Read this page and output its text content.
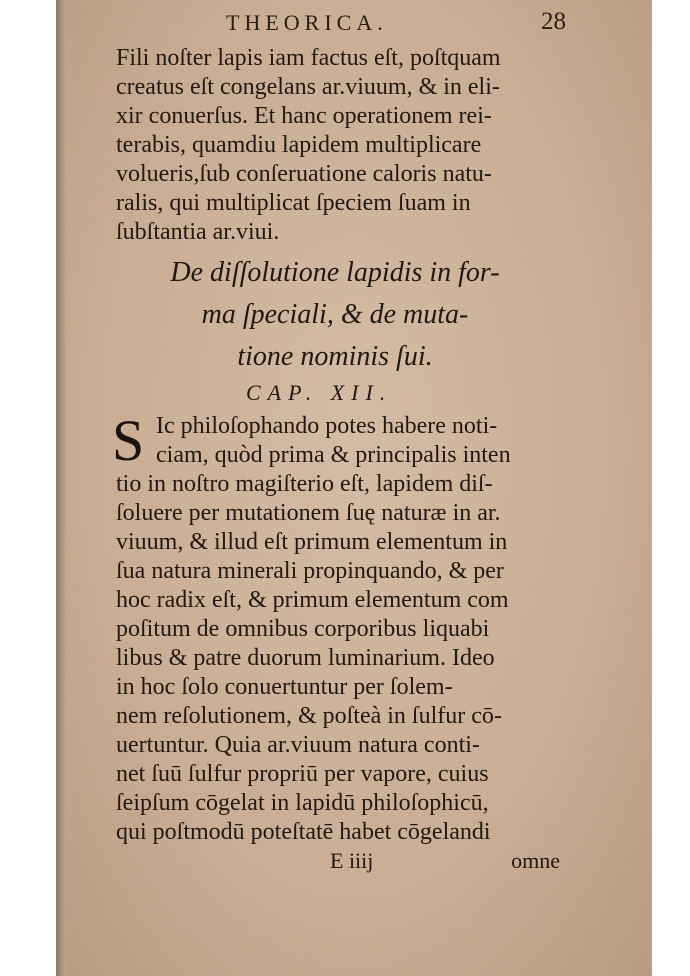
THEORICA.	28
Fili noſter lapis iam factus eſt, poſtquam
creatus eſt congelans ar.viuum, & in eli-
xir conuerſus. Et hanc operationem rei-
terabis, quamdiu lapidem multiplicare
volueris,ſub conſeruatione caloris natu-
ralis, qui multiplicat ſpeciem ſuam in
ſubſtantia ar.viui.
De diſſolutione lapidis in for-
ma ſpeciali, & de muta-
tione nominis ſui.
CAP. XII.
S Ic philoſophando potes habere noti-
ciam, quòd prima & principalis inten
tio in noſtro magiſterio eſt, lapidem diſ-
ſoluere per mutationem ſuę naturæ in ar.
viuum, & illud eſt primum elementum in
ſua natura minerali propinquando, & per
hoc radix eſt, & primum elementum com
poſitum de omnibus corporibus liquabi
libus & patre duorum luminarium. Ideo
in hoc ſolo conuertuntur per ſolem-
nem reſolutionem, & poſteà in ſulfur cō-
uertuntur. Quia ar.viuum natura conti-
net ſuū ſulfur propriū per vapore, cuius
ſeipſum cōgelat in lapidū philoſophicū,
qui poſtmodū poteſtatē habet cōgelandi
E iiij	omne
